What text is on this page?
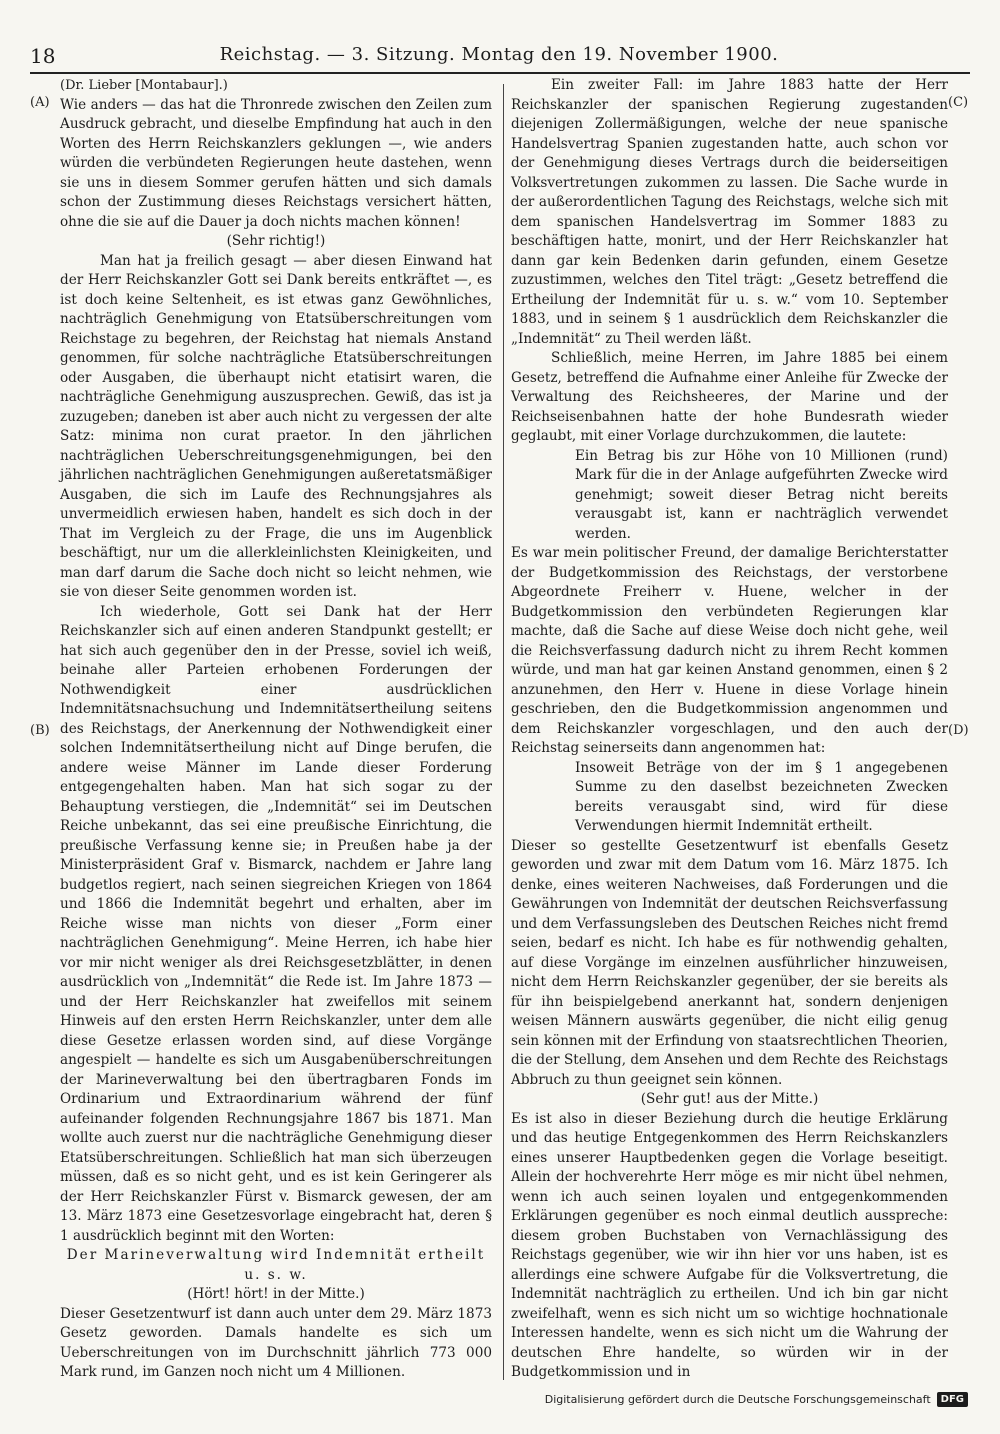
18	Reichstag. — 3. Sitzung. Montag den 19. November 1900.
(A)
(B)
(C)
(D)

(Dr. Lieber [Montabaur].)

Wie anders — das hat die Thronrede zwischen den Zeilen zum Ausdruck gebracht, und dieselbe Empfindung hat auch in den Worten des Herrn Reichskanzlers geklungen —, wie anders würden die verbündeten Regierungen heute dastehen, wenn sie uns in diesem Sommer gerufen hätten und sich damals schon der Zustimmung dieses Reichstags versichert hätten, ohne die sie auf die Dauer ja doch nichts machen können!

(Sehr richtig!)

Man hat ja freilich gesagt — aber diesen Einwand hat der Herr Reichskanzler Gott sei Dank bereits entkräftet —, es ist doch keine Seltenheit, es ist etwas ganz Gewöhnliches, nachträglich Genehmigung von Etatsüberschreitungen vom Reichstage zu begehren, der Reichstag hat niemals Anstand genommen, für solche nachträgliche Etatsüberschreitungen oder Ausgaben, die überhaupt nicht etatisirt waren, die nachträgliche Genehmigung auszusprechen. Gewiß, das ist ja zuzugeben; daneben ist aber auch nicht zu vergessen der alte Satz: minima non curat praetor. In den jährlichen nachträglichen Ueberschreitungsgenehmigungen, bei den jährlichen nachträglichen Genehmigungen außeretatsmäßiger Ausgaben, die sich im Laufe des Rechnungsjahres als unvermeidlich erwiesen haben, handelt es sich doch in der That im Vergleich zu der Frage, die uns im Augenblick beschäftigt, nur um die allerkleinlichsten Kleinigkeiten, und man darf darum die Sache doch nicht so leicht nehmen, wie sie von dieser Seite genommen worden ist.

Ich wiederhole, Gott sei Dank hat der Herr Reichskanzler sich auf einen anderen Standpunkt gestellt; er hat sich auch gegenüber den in der Presse, soviel ich weiß, beinahe aller Parteien erhobenen Forderungen der Nothwendigkeit einer ausdrücklichen Indemnitätsnachsuchung und Indemnitätsertheilung seitens des Reichstags, der Anerkennung der Nothwendigkeit einer solchen Indemnitätsertheilung nicht auf Dinge berufen, die andere weise Männer im Lande dieser Forderung entgegengehalten haben. Man hat sich sogar zu der Behauptung verstiegen, die „Indemnität“ sei im Deutschen Reiche unbekannt, das sei eine preußische Einrichtung, die preußische Verfassung kenne sie; in Preußen habe ja der Ministerpräsident Graf v. Bismarck, nachdem er Jahre lang budgetlos regiert, nach seinen siegreichen Kriegen von 1864 und 1866 die Indemnität begehrt und erhalten, aber im Reiche wisse man nichts von dieser „Form einer nachträglichen Genehmigung“. Meine Herren, ich habe hier vor mir nicht weniger als drei Reichsgesetzblätter, in denen ausdrücklich von „Indemnität“ die Rede ist. Im Jahre 1873 — und der Herr Reichskanzler hat zweifellos mit seinem Hinweis auf den ersten Herrn Reichskanzler, unter dem alle diese Gesetze erlassen worden sind, auf diese Vorgänge angespielt — handelte es sich um Ausgabenüberschreitungen der Marineverwaltung bei den übertragbaren Fonds im Ordinarium und Extraordinarium während der fünf aufeinander folgenden Rechnungsjahre 1867 bis 1871. Man wollte auch zuerst nur die nachträgliche Genehmigung dieser Etatsüberschreitungen. Schließlich hat man sich überzeugen müssen, daß es so nicht geht, und es ist kein Geringerer als der Herr Reichskanzler Fürst v. Bismarck gewesen, der am 13. März 1873 eine Gesetzesvorlage eingebracht hat, deren § 1 ausdrücklich beginnt mit den Worten:

Der Marineverwaltung wird Indemnität ertheilt u. s. w.

(Hört! hört! in der Mitte.)

Dieser Gesetzentwurf ist dann auch unter dem 29. März 1873 Gesetz geworden. Damals handelte es sich um Ueberschreitungen von im Durchschnitt jährlich 773 000 Mark rund, im Ganzen noch nicht um 4 Millionen.

Ein zweiter Fall: im Jahre 1883 hatte der Herr Reichskanzler der spanischen Regierung zugestanden diejenigen Zollermäßigungen, welche der neue spanische Handelsvertrag Spanien zugestanden hatte, auch schon vor der Genehmigung dieses Vertrags durch die beiderseitigen Volksvertretungen zukommen zu lassen. Die Sache wurde in der außerordentlichen Tagung des Reichstags, welche sich mit dem spanischen Handelsvertrag im Sommer 1883 zu beschäftigen hatte, monirt, und der Herr Reichskanzler hat dann gar kein Bedenken darin gefunden, einem Gesetze zuzustimmen, welches den Titel trägt: „Gesetz betreffend die Ertheilung der Indemnität für u. s. w.“ vom 10. September 1883, und in seinem § 1 ausdrücklich dem Reichskanzler die „Indemnität“ zu Theil werden läßt.

Schließlich, meine Herren, im Jahre 1885 bei einem Gesetz, betreffend die Aufnahme einer Anleihe für Zwecke der Verwaltung des Reichsheeres, der Marine und der Reichseisenbahnen hatte der hohe Bundesrath wieder geglaubt, mit einer Vorlage durchzukommen, die lautete:

Ein Betrag bis zur Höhe von 10 Millionen (rund) Mark für die in der Anlage aufgeführten Zwecke wird genehmigt; soweit dieser Betrag nicht bereits verausgabt ist, kann er nachträglich verwendet werden.

Es war mein politischer Freund, der damalige Berichterstatter der Budgetkommission des Reichstags, der verstorbene Abgeordnete Freiherr v. Huene, welcher in der Budgetkommission den verbündeten Regierungen klar machte, daß die Sache auf diese Weise doch nicht gehe, weil die Reichsverfassung dadurch nicht zu ihrem Recht kommen würde, und man hat gar keinen Anstand genommen, einen § 2 anzunehmen, den Herr v. Huene in diese Vorlage hinein geschrieben, den die Budgetkommission angenommen und dem Reichskanzler vorgeschlagen, und den auch der Reichstag seinerseits dann angenommen hat:

Insoweit Beträge von der im § 1 angegebenen Summe zu den daselbst bezeichneten Zwecken bereits verausgabt sind, wird für diese Verwendungen hiermit Indemnität ertheilt.

Dieser so gestellte Gesetzentwurf ist ebenfalls Gesetz geworden und zwar mit dem Datum vom 16. März 1875. Ich denke, eines weiteren Nachweises, daß Forderungen und die Gewährungen von Indemnität der deutschen Reichsverfassung und dem Verfassungsleben des Deutschen Reiches nicht fremd seien, bedarf es nicht. Ich habe es für nothwendig gehalten, auf diese Vorgänge im einzelnen ausführlicher hinzuweisen, nicht dem Herrn Reichskanzler gegenüber, der sie bereits als für ihn beispielgebend anerkannt hat, sondern denjenigen weisen Männern auswärts gegenüber, die nicht eilig genug sein können mit der Erfindung von staatsrechtlichen Theorien, die der Stellung, dem Ansehen und dem Rechte des Reichstags Abbruch zu thun geeignet sein können.

(Sehr gut! aus der Mitte.)

Es ist also in dieser Beziehung durch die heutige Erklärung und das heutige Entgegenkommen des Herrn Reichskanzlers eines unserer Hauptbedenken gegen die Vorlage beseitigt. Allein der hochverehrte Herr möge es mir nicht übel nehmen, wenn ich auch seinen loyalen und entgegenkommenden Erklärungen gegenüber es noch einmal deutlich ausspreche: diesem groben Buchstaben von Vernachlässigung des Reichstags gegenüber, wie wir ihn hier vor uns haben, ist es allerdings eine schwere Aufgabe für die Volksvertretung, die Indemnität nachträglich zu ertheilen. Und ich bin gar nicht zweifelhaft, wenn es sich nicht um so wichtige hochnationale Interessen handelte, wenn es sich nicht um die Wahrung der deutschen Ehre handelte, so würden wir in der Budgetkommission und in

Digitalisierung gefördert durch die Deutsche Forschungsgemeinschaft	DFG
